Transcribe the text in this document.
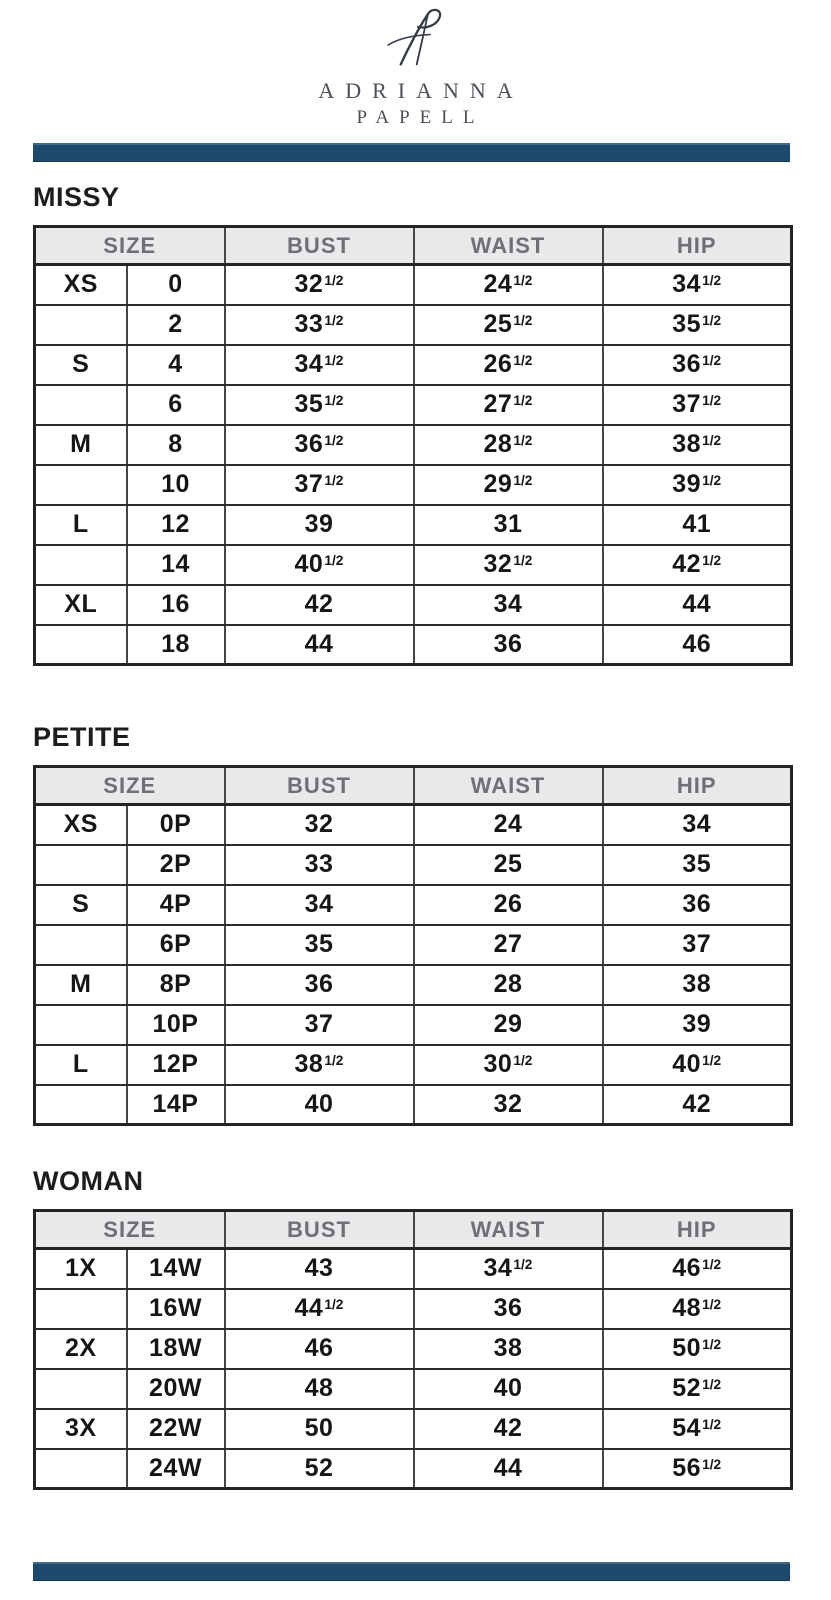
ADRIANNA
PAPELL
MISSY
SIZE		BUST	WAIST	HIP
XS	0	$32^{1/2}$	$24^{1/2}$	$34^{1/2}$
	2	$33^{1/2}$	$25^{1/2}$	$35^{1/2}$
S	4	$34^{1/2}$	$26^{1/2}$	$36^{1/2}$
	6	$35^{1/2}$	$27^{1/2}$	$37^{1/2}$
M	8	$36^{1/2}$	$28^{1/2}$	$38^{1/2}$
	10	$37^{1/2}$	$29^{1/2}$	$39^{1/2}$
L	12	39	31	41
	14	$40^{1/2}$	$32^{1/2}$	$42^{1/2}$
XL	16	42	34	44
	18	44	36	46
PETITE
SIZE		BUST	WAIST	HIP
XS	0P	32	24	34
	2P	33	25	35
S	4P	34	26	36
	6P	35	27	37
M	8P	36	28	38
	10P	37	29	39
L	12P	$38^{1/2}$	$30^{1/2}$	$40^{1/2}$
	14P	40	32	42
WOMAN
SIZE		BUST	WAIST	HIP
1X	14W	43	$34^{1/2}$	$46^{1/2}$
	16W	$44^{1/2}$	36	$48^{1/2}$
2X	18W	46	38	$50^{1/2}$
	20W	48	40	$52^{1/2}$
3X	22W	50	42	$54^{1/2}$
	24W	52	44	$56^{1/2}$
